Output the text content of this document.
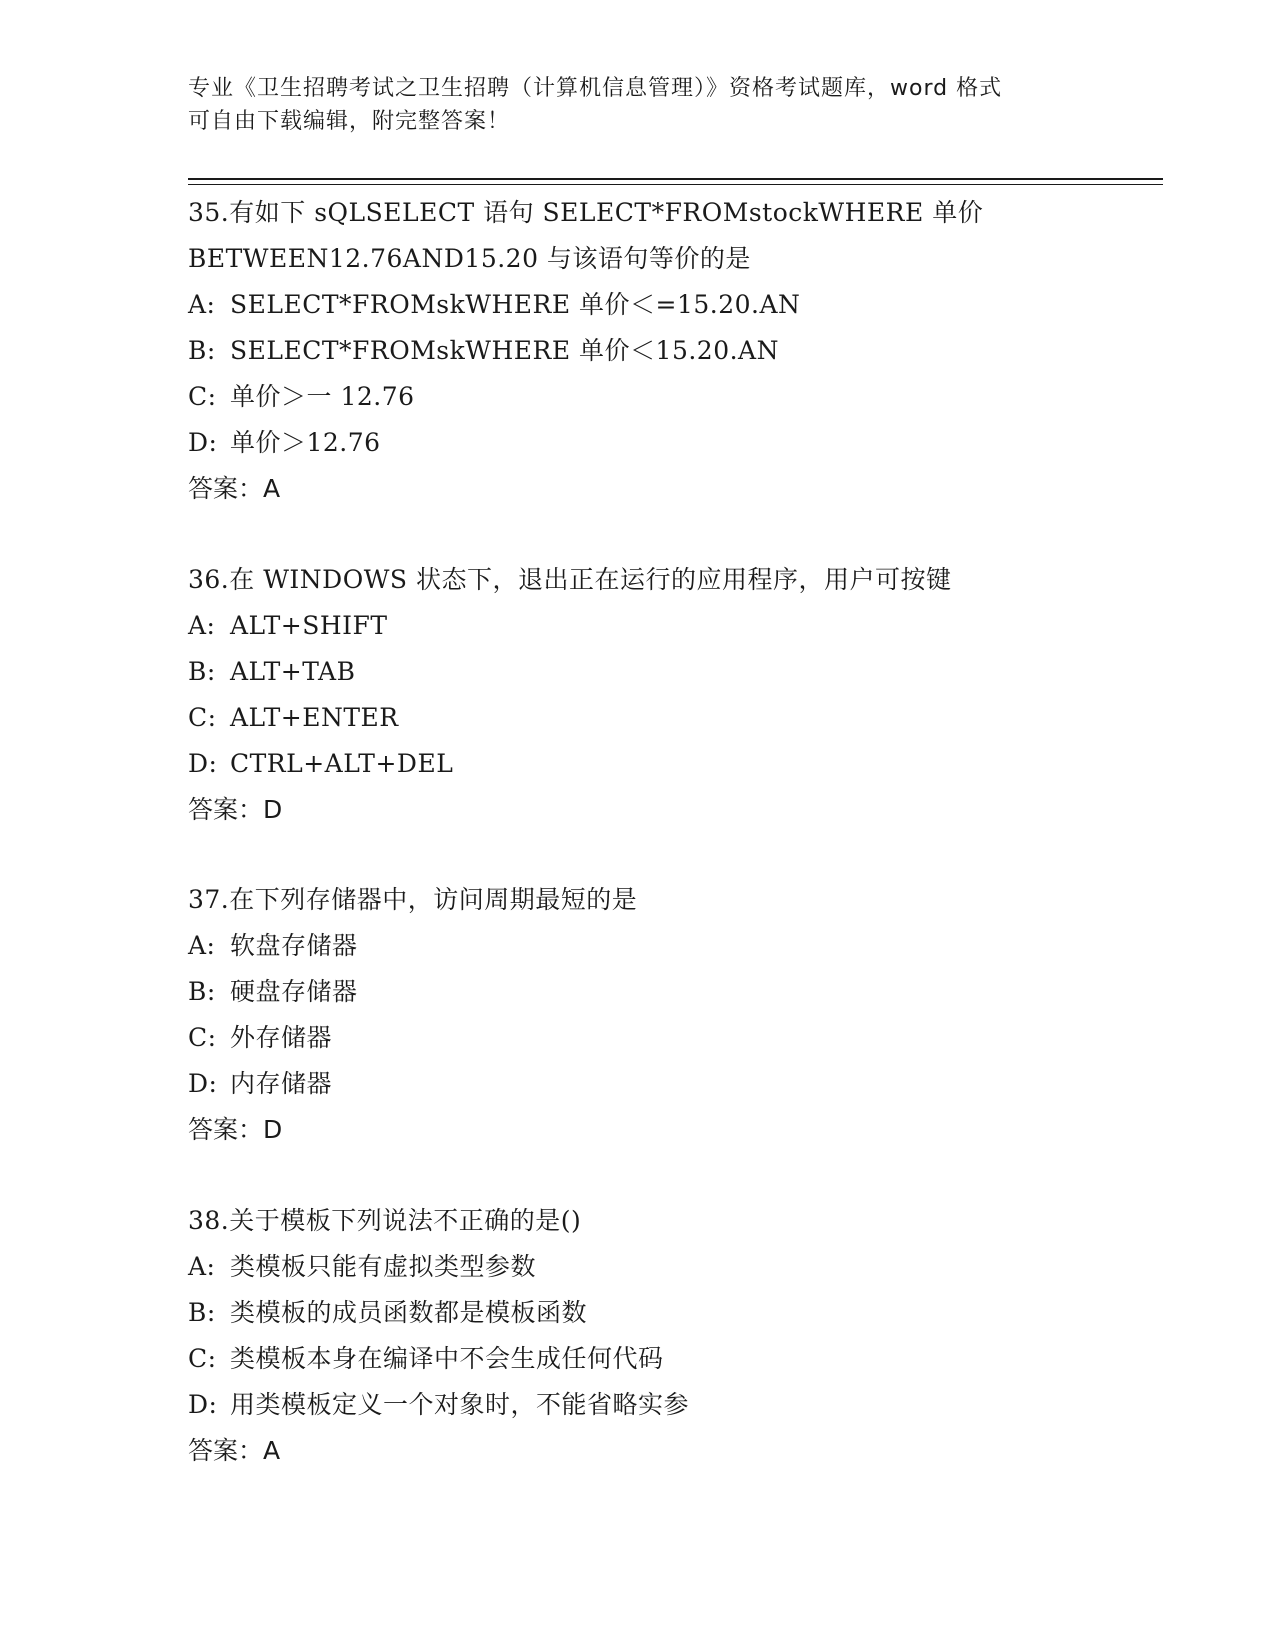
专业《卫生招聘考试之卫生招聘（计算机信息管理）》资格考试题库，word 格式
可自由下载编辑，附完整答案！
35.有如下 sQLSELECT 语句 SELECT*FROMstockWHERE 单价
BETWEEN12.76AND15.20 与该语句等价的是
A: SELECT*FROMskWHERE 单价＜=15.20.AN
B: SELECT*FROMskWHERE 单价＜15.20.AN
C: 单价＞一 12.76
D: 单价＞12.76
答案：A
36.在 WINDOWS 状态下，退出正在运行的应用程序，用户可按键
A: ALT+SHIFT
B: ALT+TAB
C: ALT+ENTER
D: CTRL+ALT+DEL
答案：D
37.在下列存储器中，访问周期最短的是
A: 软盘存储器
B: 硬盘存储器
C: 外存储器
D: 内存储器
答案：D
38.关于模板下列说法不正确的是()
A: 类模板只能有虚拟类型参数
B: 类模板的成员函数都是模板函数
C: 类模板本身在编译中不会生成任何代码
D: 用类模板定义一个对象时，不能省略实参
答案：A
